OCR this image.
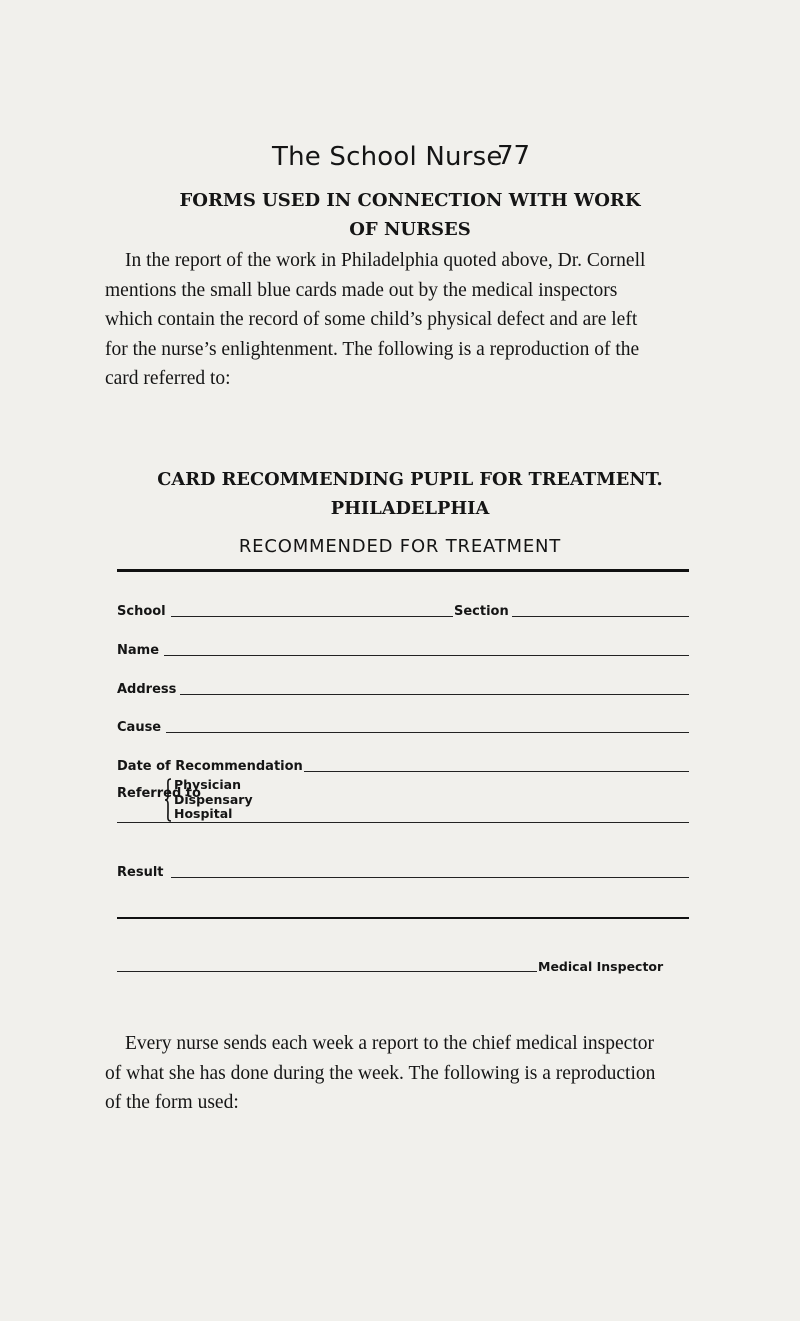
The School Nurse
77
FORMS USED IN CONNECTION WITH WORK
OF NURSES
In the report of the work in Philadelphia quoted above, Dr. Cornell
mentions the small blue cards made out by the medical inspectors
which contain the record of some child’s physical defect and are left
for the nurse’s enlightenment. The following is a reproduction of the
card referred to:
CARD RECOMMENDING PUPIL FOR TREATMENT.
PHILADELPHIA
RECOMMENDED FOR TREATMENT
School	Section
Name
Address
Cause
Date of Recommendation
Referred to
Physician
Dispensary
Hospital
Result
Medical Inspector
Every nurse sends each week a report to the chief medical inspector
of what she has done during the week. The following is a reproduction
of the form used:
